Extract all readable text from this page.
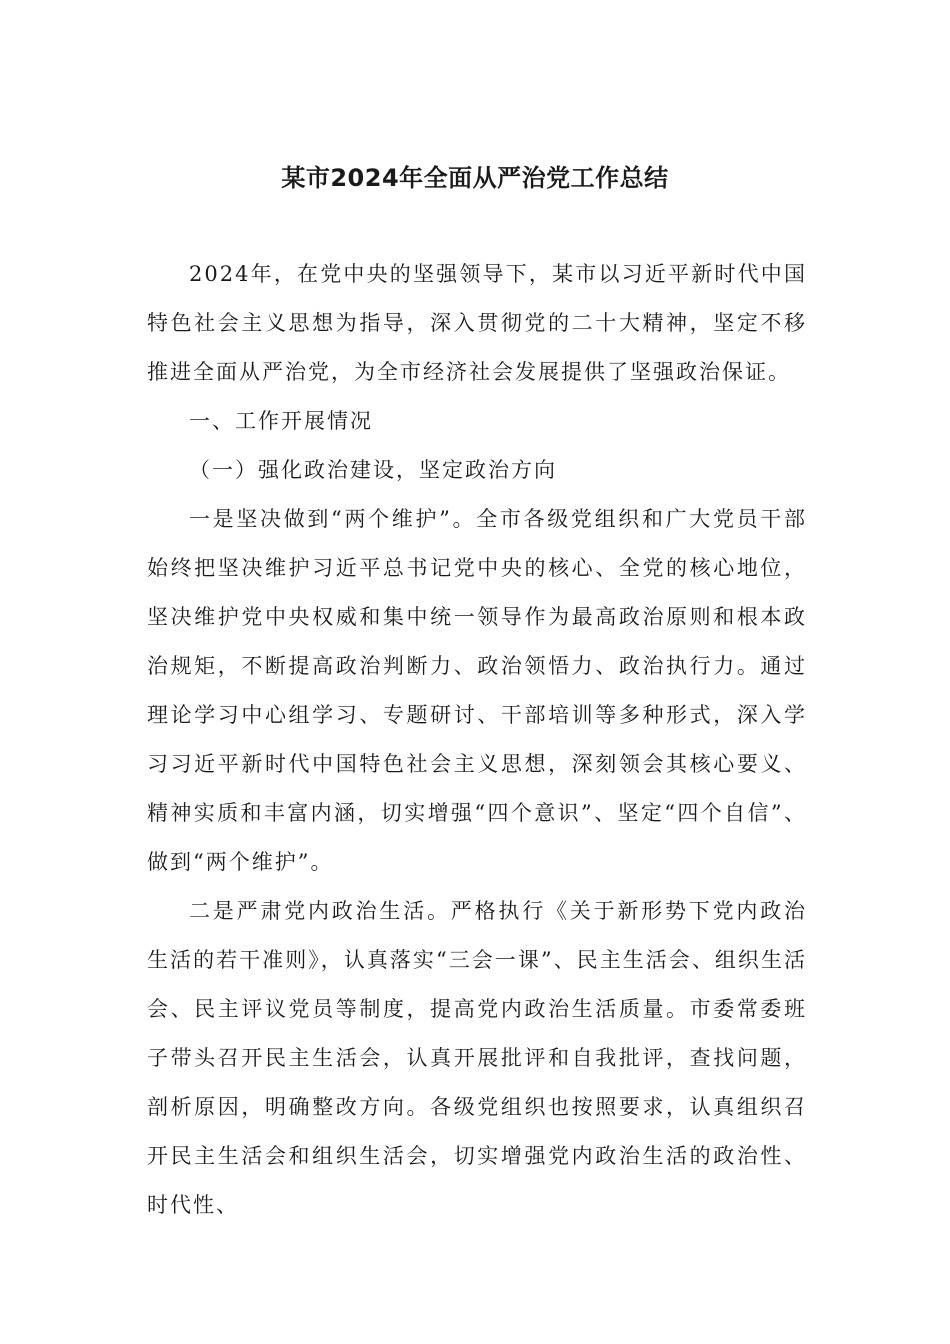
某市2024年全面从严治党工作总结

2024年，在党中央的坚强领导下，某市以习近平新时代中国特色社会主义思想为指导，深入贯彻党的二十大精神，坚定不移推进全面从严治党，为全市经济社会发展提供了坚强政治保证。

一、工作开展情况

（一）强化政治建设，坚定政治方向

一是坚决做到“两个维护”。全市各级党组织和广大党员干部始终把坚决维护习近平总书记党中央的核心、全党的核心地位，坚决维护党中央权威和集中统一领导作为最高政治原则和根本政治规矩，不断提高政治判断力、政治领悟力、政治执行力。通过理论学习中心组学习、专题研讨、干部培训等多种形式，深入学习习近平新时代中国特色社会主义思想，深刻领会其核心要义、精神实质和丰富内涵，切实增强“四个意识”、坚定“四个自信”、做到“两个维护”。

二是严肃党内政治生活。严格执行《关于新形势下党内政治生活的若干准则》，认真落实“三会一课”、民主生活会、组织生活会、民主评议党员等制度，提高党内政治生活质量。市委常委班子带头召开民主生活会，认真开展批评和自我批评，查找问题，剖析原因，明确整改方向。各级党组织也按照要求，认真组织召开民主生活会和组织生活会，切实增强党内政治生活的政治性、时代性、
